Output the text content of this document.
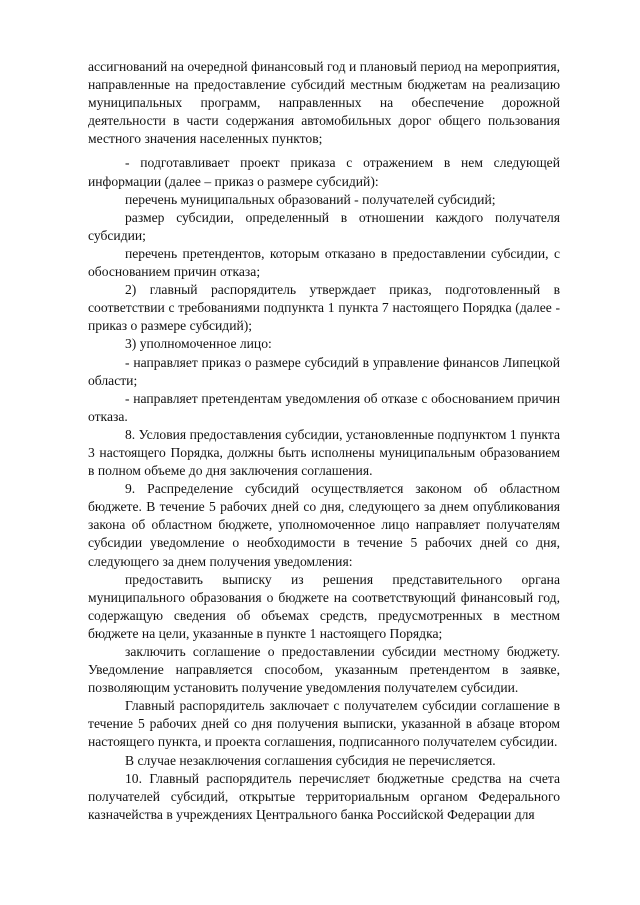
ассигнований на очередной финансовый год и плановый период на мероприятия, направленные на предоставление субсидий местным бюджетам на реализацию муниципальных программ, направленных на обеспечение дорожной деятельности в части содержания автомобильных дорог общего пользования местного значения населенных пунктов;

- подготавливает проект приказа с отражением в нем следующей информации (далее – приказ о размере субсидий):

перечень муниципальных образований - получателей субсидий;

размер субсидии, определенный в отношении каждого получателя субсидии;

перечень претендентов, которым отказано в предоставлении субсидии, с обоснованием причин отказа;

2) главный распорядитель утверждает приказ, подготовленный в соответствии с требованиями подпункта 1 пункта 7 настоящего Порядка (далее - приказ о размере субсидий);

3) уполномоченное лицо:

- направляет приказ о размере субсидий в управление финансов Липецкой области;

- направляет претендентам уведомления об отказе с обоснованием причин отказа.

8. Условия предоставления субсидии, установленные подпунктом 1 пункта 3 настоящего Порядка, должны быть исполнены муниципальным образованием в полном объеме до дня заключения соглашения.

9. Распределение субсидий осуществляется законом об областном бюджете. В течение 5 рабочих дней со дня, следующего за днем опубликования закона об областном бюджете, уполномоченное лицо направляет получателям субсидии уведомление о необходимости в течение 5 рабочих дней со дня, следующего за днем получения уведомления:

предоставить выписку из решения представительного органа муниципального образования о бюджете на соответствующий финансовый год, содержащую сведения об объемах средств, предусмотренных в местном бюджете на цели, указанные в пункте 1 настоящего Порядка;

заключить соглашение о предоставлении субсидии местному бюджету. Уведомление направляется способом, указанным претендентом в заявке, позволяющим установить получение уведомления получателем субсидии.

Главный распорядитель заключает с получателем субсидии соглашение в течение 5 рабочих дней со дня получения выписки, указанной в абзаце втором настоящего пункта, и проекта соглашения, подписанного получателем субсидии.

В случае незаключения соглашения субсидия не перечисляется.

10. Главный распорядитель перечисляет бюджетные средства на счета получателей субсидий, открытые территориальным органом Федерального казначейства в учреждениях Центрального банка Российской Федерации для
